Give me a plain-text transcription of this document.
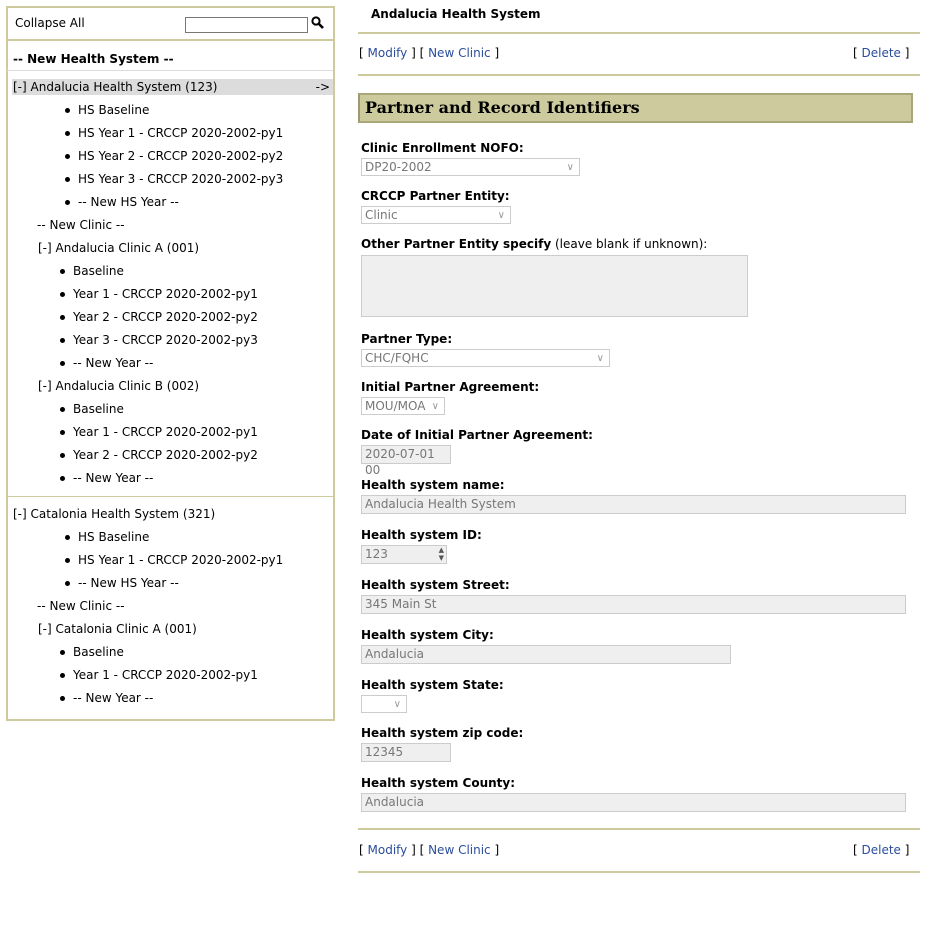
Collapse All
-- New Health System --
[-] Andalucia Health System (123)	->
HS Baseline
HS Year 1 - CRCCP 2020-2002-py1
HS Year 2 - CRCCP 2020-2002-py2
HS Year 3 - CRCCP 2020-2002-py3
-- New HS Year --
-- New Clinic --
[-] Andalucia Clinic A (001)
Baseline
Year 1 - CRCCP 2020-2002-py1
Year 2 - CRCCP 2020-2002-py2
Year 3 - CRCCP 2020-2002-py3
-- New Year --
[-] Andalucia Clinic B (002)
Baseline
Year 1 - CRCCP 2020-2002-py1
Year 2 - CRCCP 2020-2002-py2
-- New Year --
[-] Catalonia Health System (321)
HS Baseline
HS Year 1 - CRCCP 2020-2002-py1
-- New HS Year --
-- New Clinic --
[-] Catalonia Clinic A (001)
Baseline
Year 1 - CRCCP 2020-2002-py1
-- New Year --
Andalucia Health System
[ Modify ] [ New Clinic ]	[ Delete ]
Partner and Record Identifiers
Clinic Enrollment NOFO:
DP20-2002	∨
CRCCP Partner Entity:
Clinic	∨
Other Partner Entity specify (leave blank if unknown):
Partner Type:
CHC/FQHC	∨
Initial Partner Agreement:
MOU/MOA ∨
Date of Initial Partner Agreement:
2020-07-01 00
Health system name:
Andalucia Health System
Health system ID:
123	▲
▼
Health system Street:
345 Main St
Health system City:
Andalucia
Health system State:
∨
Health system zip code:
12345
Health system County:
Andalucia
[ Modify ] [ New Clinic ]	[ Delete ]
